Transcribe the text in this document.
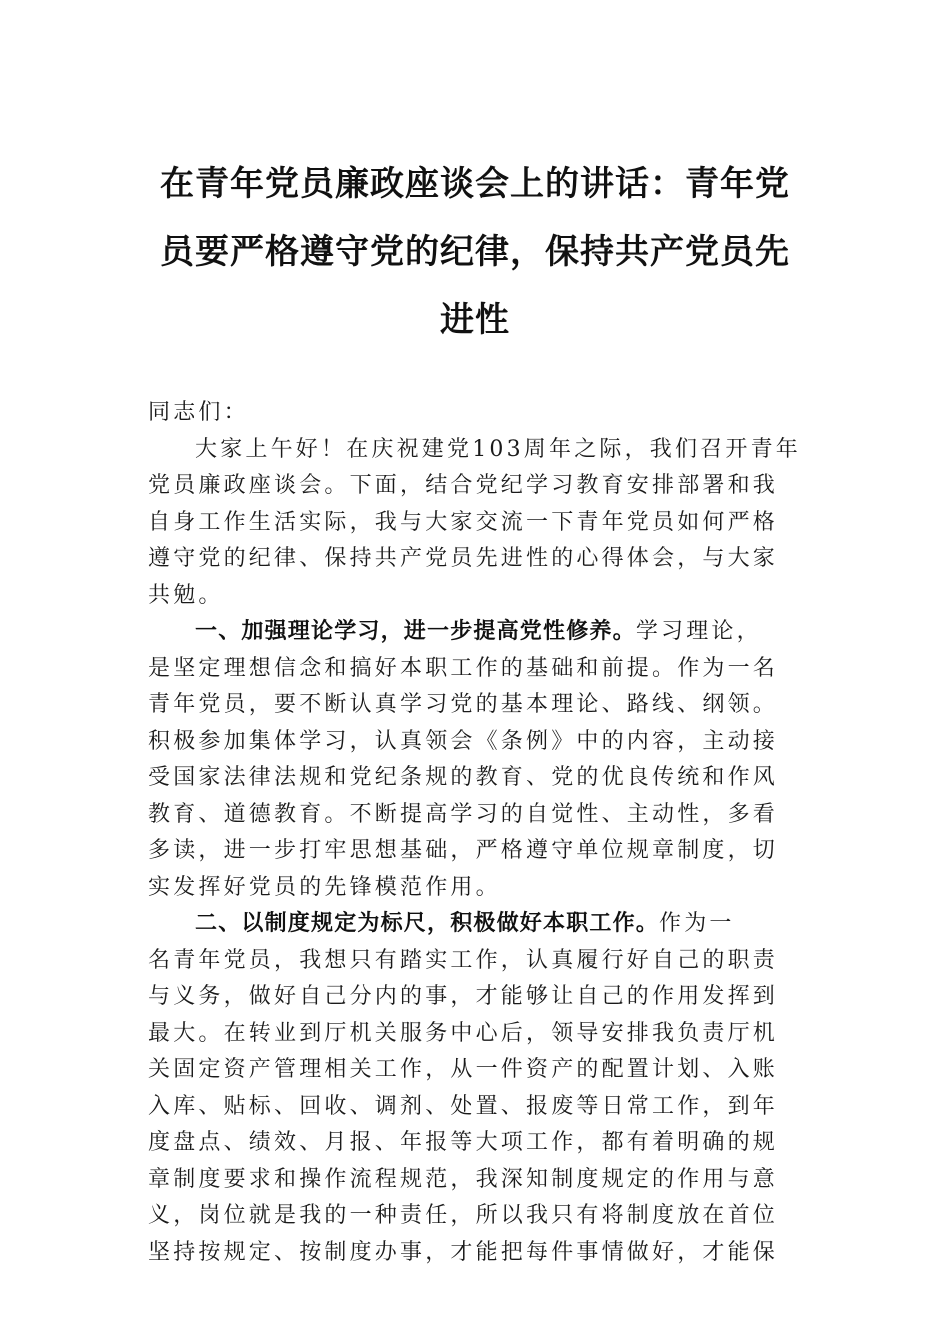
在青年党员廉政座谈会上的讲话：青年党
员要严格遵守党的纪律，保持共产党员先
进性
同志们：
大家上午好！在庆祝建党103周年之际，我们召开青年
党员廉政座谈会。下面，结合党纪学习教育安排部署和我
自身工作生活实际，我与大家交流一下青年党员如何严格
遵守党的纪律、保持共产党员先进性的心得体会，与大家
共勉。
一、加强理论学习，进一步提高党性修养。学习理论，
是坚定理想信念和搞好本职工作的基础和前提。作为一名
青年党员，要不断认真学习党的基本理论、路线、纲领。
积极参加集体学习，认真领会《条例》中的内容，主动接
受国家法律法规和党纪条规的教育、党的优良传统和作风
教育、道德教育。不断提高学习的自觉性、主动性，多看
多读，进一步打牢思想基础，严格遵守单位规章制度，切
实发挥好党员的先锋模范作用。
二、以制度规定为标尺，积极做好本职工作。作为一
名青年党员，我想只有踏实工作，认真履行好自己的职责
与义务，做好自己分内的事，才能够让自己的作用发挥到
最大。在转业到厅机关服务中心后，领导安排我负责厅机
关固定资产管理相关工作，从一件资产的配置计划、入账
入库、贴标、回收、调剂、处置、报废等日常工作，到年
度盘点、绩效、月报、年报等大项工作，都有着明确的规
章制度要求和操作流程规范，我深知制度规定的作用与意
义，岗位就是我的一种责任，所以我只有将制度放在首位
坚持按规定、按制度办事，才能把每件事情做好，才能保
